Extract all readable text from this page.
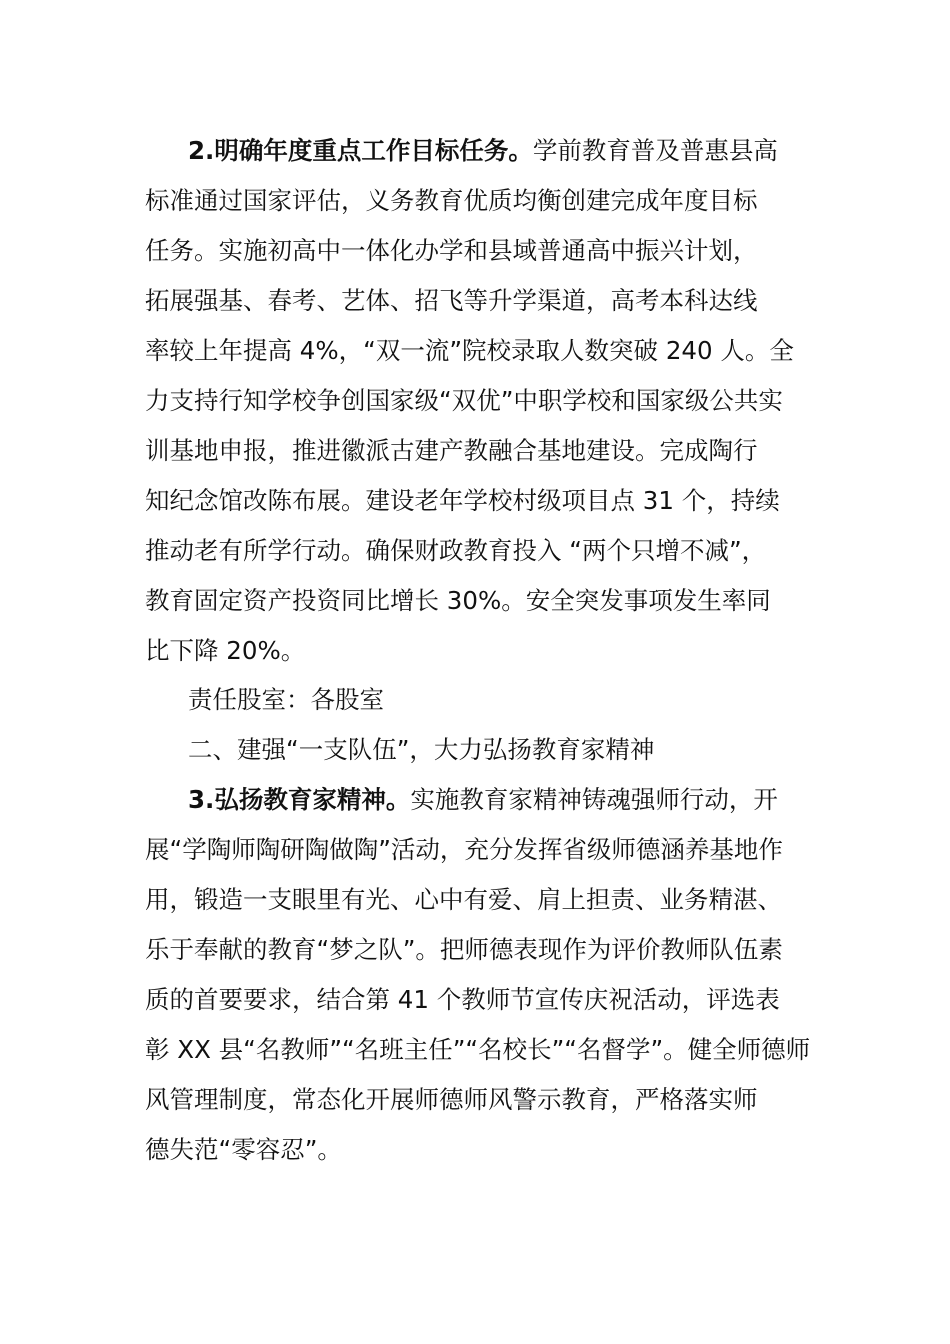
2.明确年度重点工作目标任务。学前教育普及普惠县高
标准通过国家评估，义务教育优质均衡创建完成年度目标
任务。实施初高中一体化办学和县域普通高中振兴计划，
拓展强基、春考、艺体、招飞等升学渠道，高考本科达线
率较上年提高 4%，“双一流”院校录取人数突破 240 人。全
力支持行知学校争创国家级“双优”中职学校和国家级公共实
训基地申报，推进徽派古建产教融合基地建设。完成陶行
知纪念馆改陈布展。建设老年学校村级项目点 31 个，持续
推动老有所学行动。确保财政教育投入 “两个只增不减”，
教育固定资产投资同比增长 30%。安全突发事项发生率同
比下降 20%。
责任股室：各股室
二、建强“一支队伍”，大力弘扬教育家精神
3.弘扬教育家精神。实施教育家精神铸魂强师行动，开
展“学陶师陶研陶做陶”活动，充分发挥省级师德涵养基地作
用，锻造一支眼里有光、心中有爱、肩上担责、业务精湛、
乐于奉献的教育“梦之队”。把师德表现作为评价教师队伍素
质的首要要求，结合第 41 个教师节宣传庆祝活动，评选表
彰 XX 县“名教师”“名班主任”“名校长”“名督学”。健全师德师
风管理制度，常态化开展师德师风警示教育，严格落实师
德失范“零容忍”。
